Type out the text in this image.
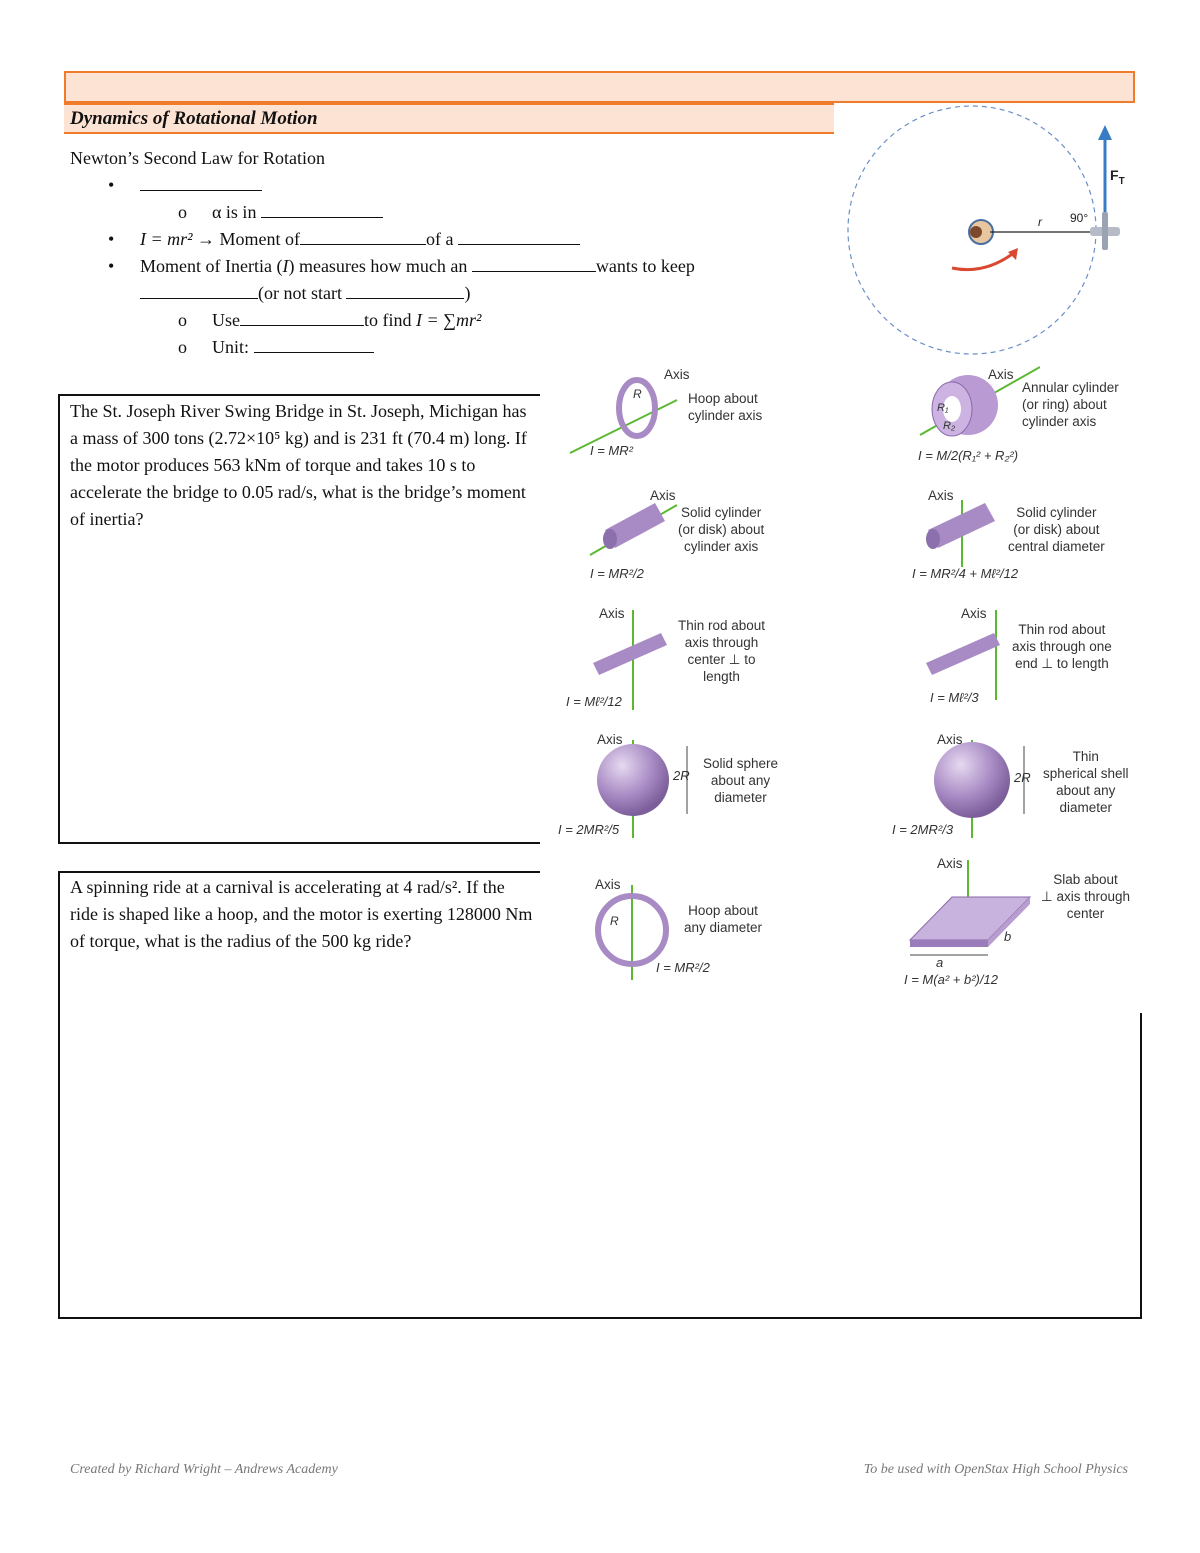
Dynamics of Rotational Motion
Newton’s Second Law for Rotation
•
o α is in
• I = mr² → Moment of	of a
• Moment of Inertia (I) measures how much an	wants to keep
(or not start	)
o Use	to find I = ∑mr²
o Unit:
The St. Joseph River Swing Bridge in St. Joseph, Michigan has a mass of 300 tons (2.72×10⁵ kg) and is 231 ft (70.4 m) long. If the motor produces 563 kNm of torque and takes 10 s to accelerate the bridge to 0.05 rad/s, what is the bridge’s moment of inertia?
A spinning ride at a carnival is accelerating at 4 rad/s². If the ride is shaped like a hoop, and the motor is exerting 128000 Nm of torque, what is the radius of the 500 kg ride?
$F_T$
r 90°
R
Axis
Hoop about
cylinder axis
I = MR²
R₁
R₂
Axis
Annular cylinder
(or ring) about
cylinder axis
I = M/2(R₁² + R₂²)
Axis
Solid cylinder
(or disk) about
cylinder axis
I = MR²/2
Axis
Solid cylinder
(or disk) about
central diameter
I = MR²/4 + Mℓ²/12
Axis
Thin rod about
axis through
center ⊥ to
length
I = Mℓ²/12
Axis
Thin rod about
axis through one
end ⊥ to length
I = Mℓ²/3
2R
Axis
Solid sphere
about any
diameter
I = 2MR²/5
2R
Axis
Thin
spherical shell
about any
diameter
I = 2MR²/3
R
Axis
Hoop about
any diameter
I = MR²/2	a
b
Axis
Slab about
⊥ axis through
center
I = M(a² + b²)/12
Created by Richard Wright – Andrews Academy	To be used with OpenStax High School Physics
